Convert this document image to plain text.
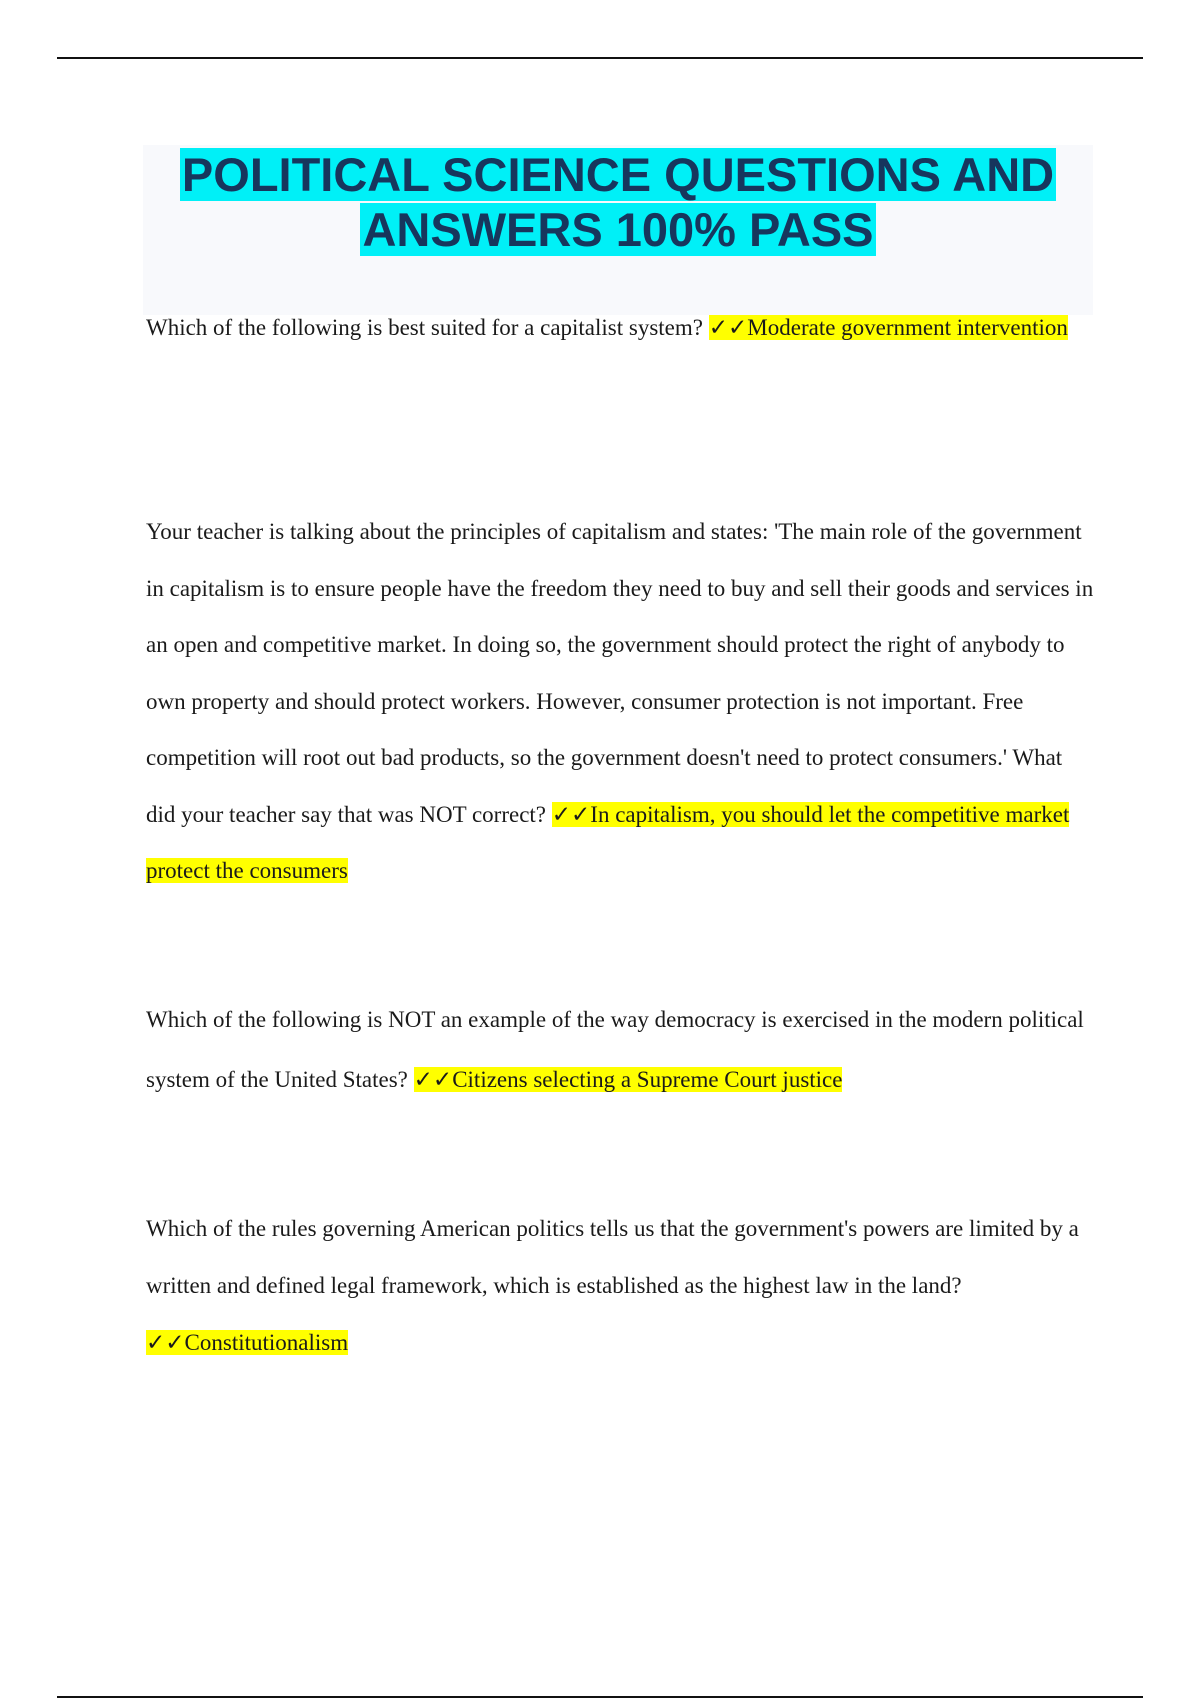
POLITICAL SCIENCE QUESTIONS AND
ANSWERS 100% PASS

Which of the following is best suited for a capitalist system? ✓✓Moderate government intervention

Your teacher is talking about the principles of capitalism and states: 'The main role of the government in capitalism is to ensure people have the freedom they need to buy and sell their goods and services in an open and competitive market. In doing so, the government should protect the right of anybody to own property and should protect workers. However, consumer protection is not important. Free competition will root out bad products, so the government doesn't need to protect consumers.' What did your teacher say that was NOT correct? ✓✓In capitalism, you should let the competitive market protect the consumers

Which of the following is NOT an example of the way democracy is exercised in the modern political system of the United States? ✓✓Citizens selecting a Supreme Court justice

Which of the rules governing American politics tells us that the government's powers are limited by a written and defined legal framework, which is established as the highest law in the land? ✓✓Constitutionalism
